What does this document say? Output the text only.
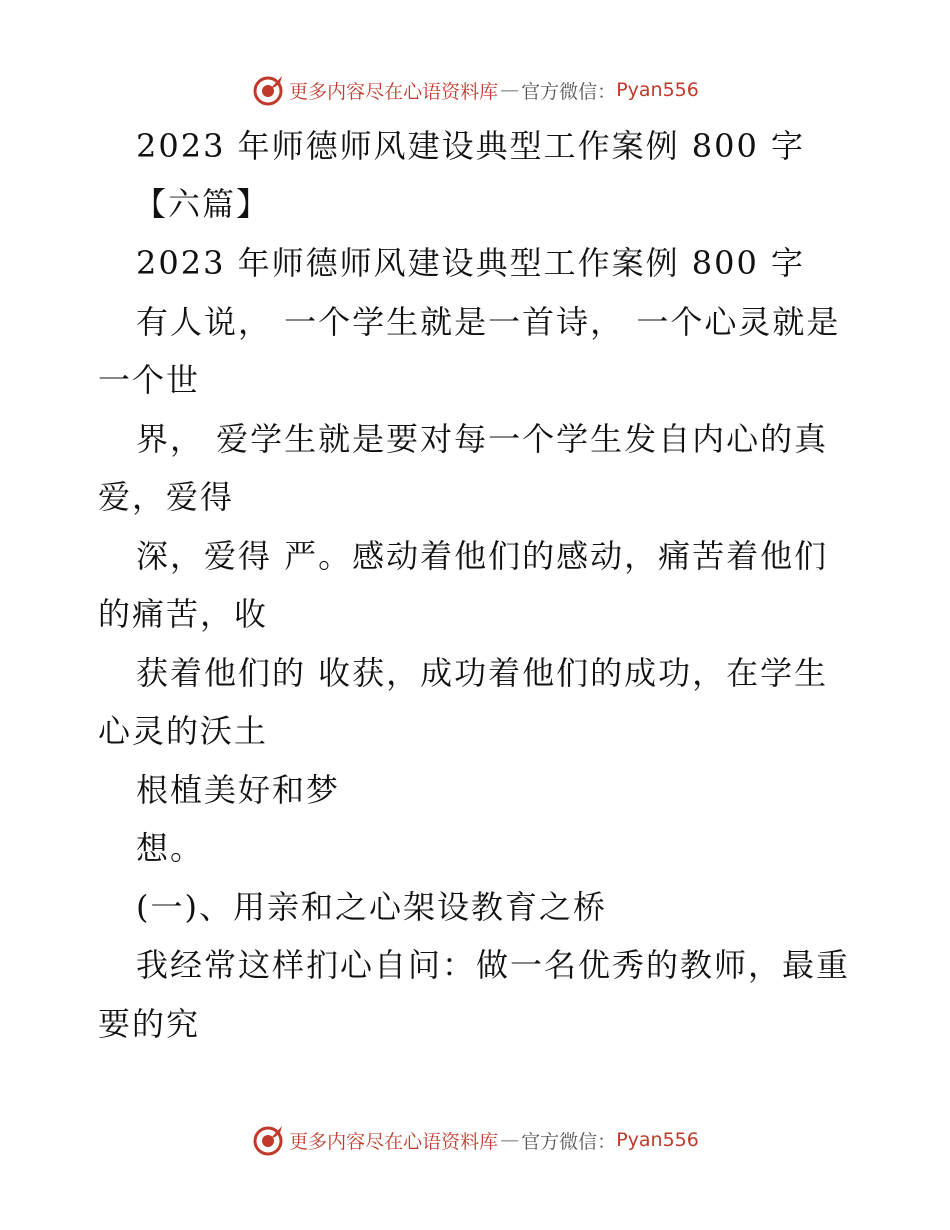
更多内容尽在心语资料库 — 官方微信： Pyan556
2023 年师德师风建设典型工作案例 800 字
【六篇】
2023 年师德师风建设典型工作案例 800 字
有人说， 一个学生就是一首诗， 一个心灵就是
一个世
界， 爱学生就是要对每一个学生发自内心的真
爱，爱得
深，爱得 严。感动着他们的感动，痛苦着他们
的痛苦，收
获着他们的 收获，成功着他们的成功，在学生
心灵的沃土
根植美好和梦
想。
(一)、用亲和之心架设教育之桥
我经常这样扪心自问：做一名优秀的教师，最重
要的究
更多内容尽在心语资料库 — 官方微信： Pyan556
